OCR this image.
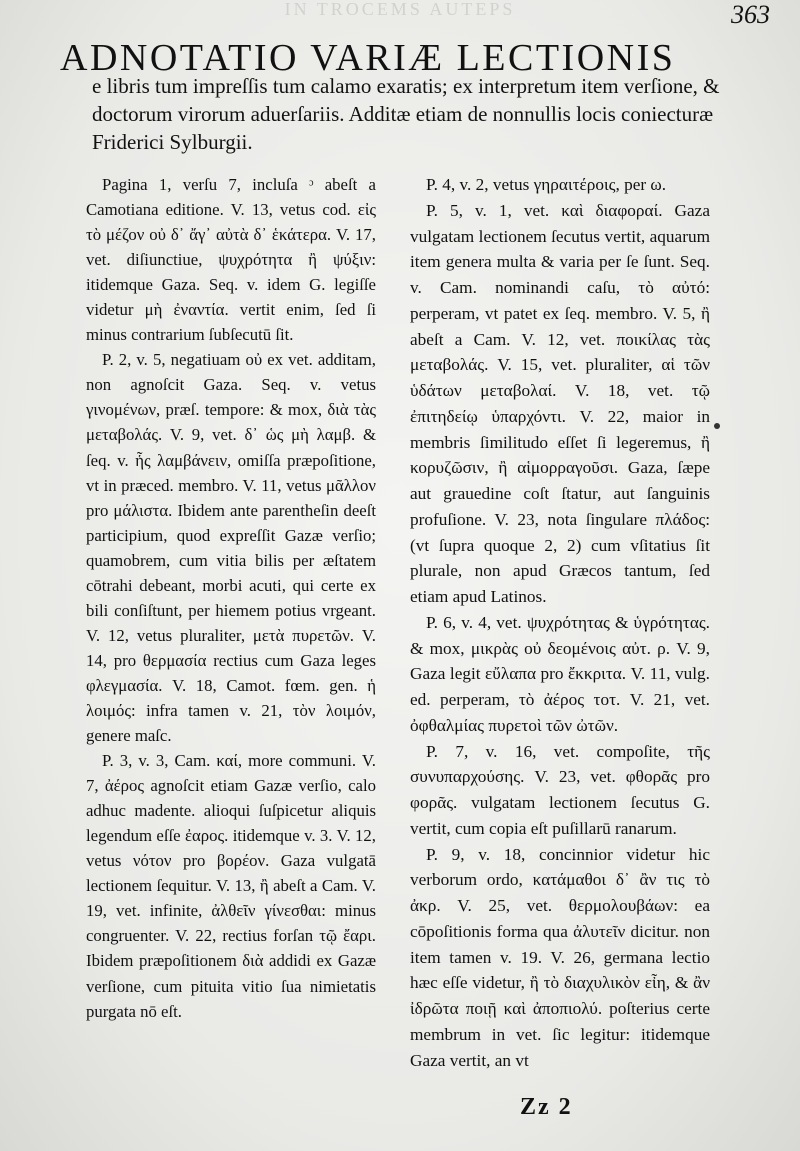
IN TROCEMS AUTEPS	363
ADNOTATIO VARIÆ LECTIONIS
e libris tum impreſſis tum calamo exaratis; ex interpretum item verſione, & doctorum virorum aduerſariis. Additæ etiam de nonnullis locis coniecturæ Friderici Sylburgii.

Pagina 1, verſu 7, incluſa ᵓ abeſt a Camotiana editione. V. 13, vetus cod. εἰς τὸ μέζον οὐ δ᾽ ἄγ᾽ αὐτὰ δ᾽ ἑκάτερα. V. 17, vet. diſiunctiue, ψυχρότητα ἢ ψύξιν: itidemque Gaza. Seq. v. idem G. legiſſe videtur μὴ ἐναντία. vertit enim, ſed ſi minus contrarium ſubſecutū ſit.

P. 2, v. 5, negatiuam οὐ ex vet. additam, non agnoſcit Gaza. Seq. v. vetus γινομένων, præſ. tempore: & mox, διὰ τὰς μεταβολάς. V. 9, vet. δ᾽ ὡς μὴ λαμβ. & ſeq. v. ἧς λαμβάνειν, omiſſa præpoſitione, vt in præced. membro. V. 11, vetus μᾶλλον pro μάλιστα. Ibidem ante parentheſin deeſt participium, quod expreſſit Gazæ verſio; quamobrem, cum vitia bilis per æſtatem cōtrahi debeant, morbi acuti, qui certe ex bili conſiſtunt, per hiemem potius vrgeant. V. 12, vetus pluraliter, μετὰ πυρετῶν. V. 14, pro θερμασία rectius cum Gaza leges φλεγμασία. V. 18, Camot. fœm. gen. ἡ λοιμός: infra tamen v. 21, τὸν λοιμόν, genere maſc.

P. 3, v. 3, Cam. καί, more communi. V. 7, ἀέρος agnoſcit etiam Gazæ verſio, calo adhuc madente. alioqui ſuſpicetur aliquis legendum eſſe ἐαρος. itidemque v. 3. V. 12, vetus νότον pro βορέον. Gaza vulgatā lectionem ſequitur. V. 13, ἢ abeſt a Cam. V. 19, vet. infinite, ἀλθεῖν γίνεσθαι: minus congruenter. V. 22, rectius forſan τῷ ἔαρι. Ibidem præpoſitionem διὰ addidi ex Gazæ verſione, cum pituita vitio ſua nimietatis purgata nō eſt.

P. 4, v. 2, vetus γηραιτέροις, per ω.

P. 5, v. 1, vet. καὶ διαφοραί. Gaza vulgatam lectionem ſecutus vertit, aquarum item genera multa & varia per ſe ſunt. Seq. v. Cam. nominandi caſu, τὸ αὐτό: perperam, vt patet ex ſeq. membro. V. 5, ἢ abeſt a Cam. V. 12, vet. ποικίλας τὰς μεταβολάς. V. 15, vet. pluraliter, αἱ τῶν ὑδάτων μεταβολαί. V. 18, vet. τῷ ἐπιτηδείῳ ὑπαρχόντι. V. 22, maior in membris ſimilitudo eſſet ſi legeremus, ἢ κορυζῶσιν, ἢ αἱμορραγοῦσι. Gaza, ſæpe aut grauedine coſt ſtatur, aut ſanguinis profuſione. V. 23, nota ſingulare πλάδος: (vt ſupra quoque 2, 2) cum vſitatius ſit plurale, non apud Græcos tantum, ſed etiam apud Latinos.

P. 6, v. 4, vet. ψυχρότητας & ὑγρότητας. & mox, μικρὰς οὐ δεομένοις αὐτ. ρ. V. 9, Gaza legit εὔλαπα pro ἔκκριτα. V. 11, vulg. ed. perperam, τὸ ἀέρος τοτ. V. 21, vet. ὀφθαλμίας πυρετοὶ τῶν ὠτῶν.

P. 7, v. 16, vet. compoſite, τῆς συνυπαρχούσης. V. 23, vet. φθορᾶς pro φορᾶς. vulgatam lectionem ſecutus G. vertit, cum copia eſt puſillarū ranarum.

P. 9, v. 18, concinnior videtur hic verborum ordo, κατάμαθοι δ᾽ ἂν τις τὸ ἀκρ. V. 25, vet. θερμολουβάων: ea cōpoſitionis forma qua ἀλυτεῖν dicitur. non item tamen v. 19. V. 26, germana lectio hæc eſſe videtur, ἢ τὸ διαχυλικὸν εἶη, & ἂν ἰδρῶτα ποιῇ καὶ ἀποπιολύ. poſterius certe membrum in vet. ſic legitur: itidemque Gaza vertit, an vt

Zz 2
